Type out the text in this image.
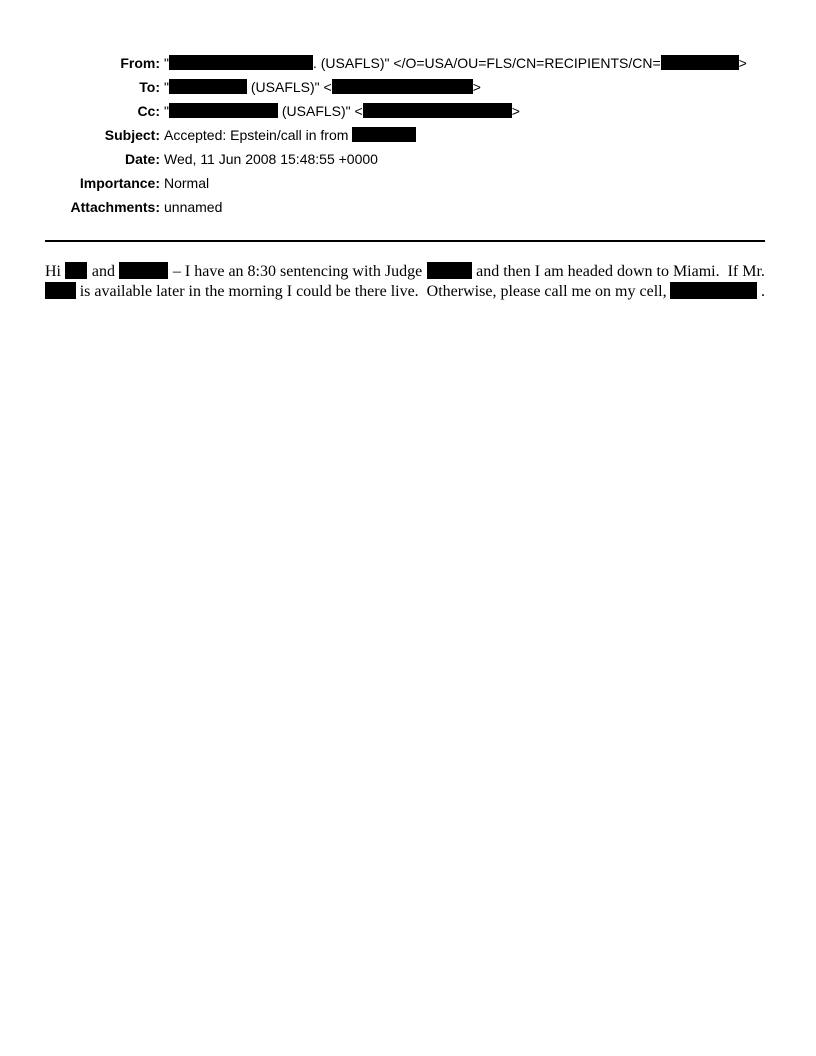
From: "	. (USAFLS)" </O=USA/OU=FLS/CN=RECIPIENTS/CN=	>
To: "	(USAFLS)" <	>
Cc: "	(USAFLS)" <	>
Subject: Accepted: Epstein/call in from
Date: Wed, 11 Jun 2008 15:48:55 +0000
Importance: Normal
Attachments: unnamed
Hi and	– I have an 8:30 sentencing with Judge	and then I am headed down to Miami.  If Mr.
is available later in the morning I could be there live.  Otherwise, please call me on my cell,	.
